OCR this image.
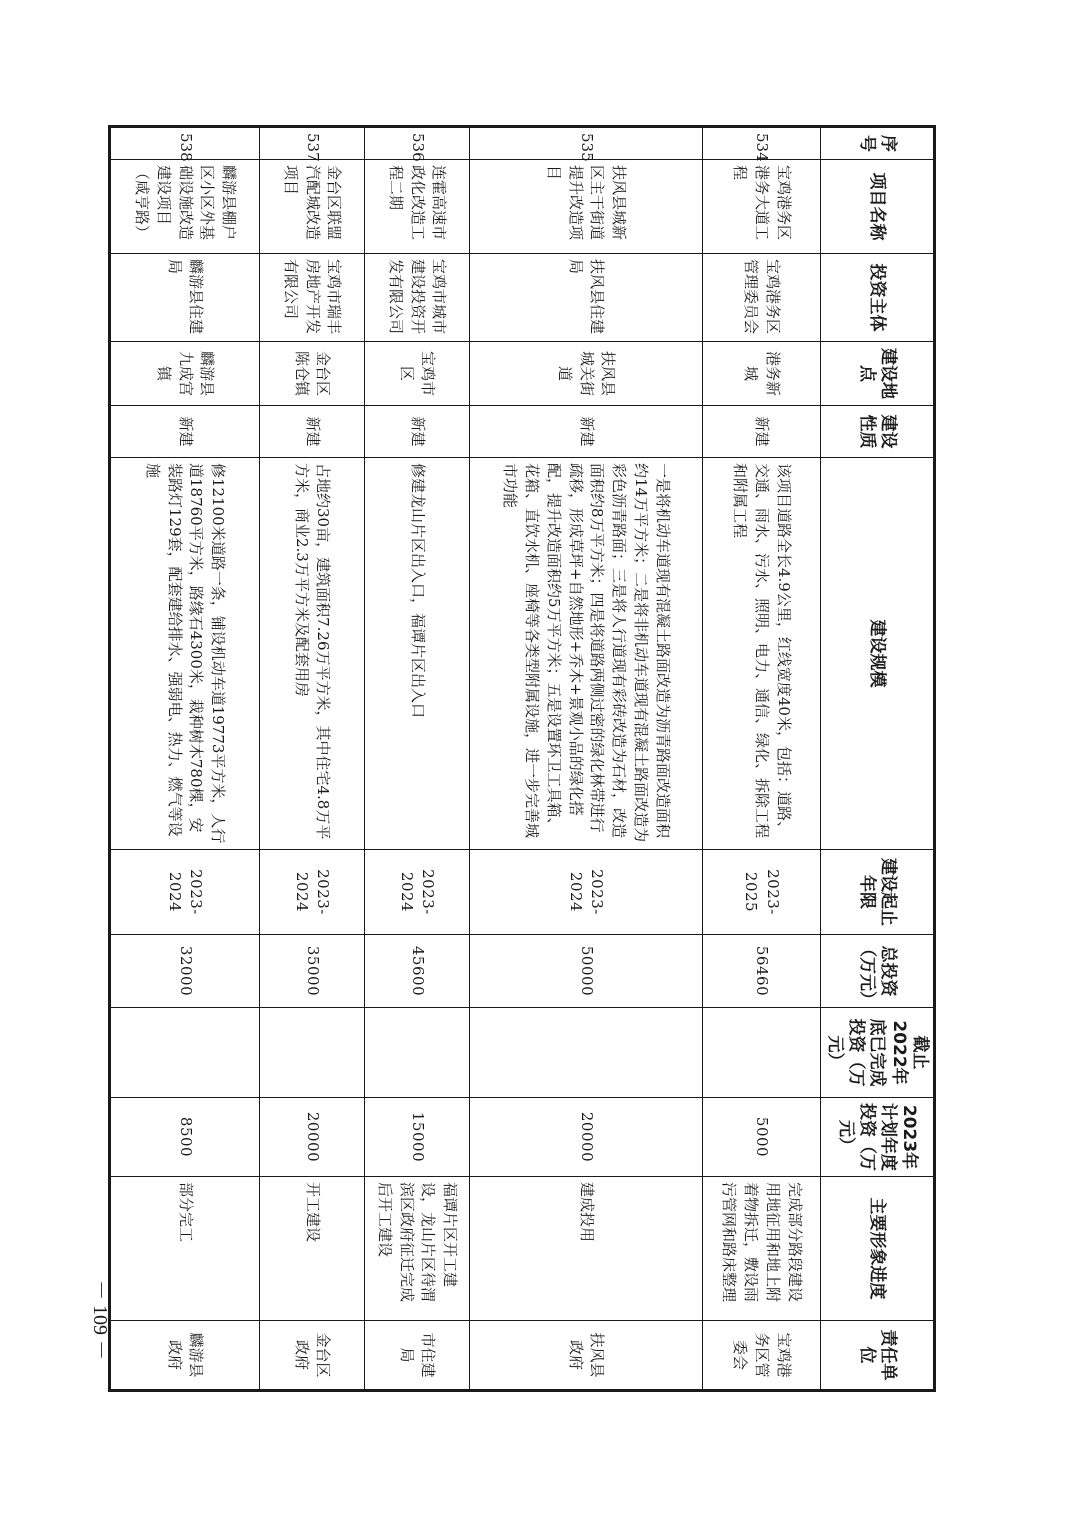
序号	项目名称	投资主体	建设地点	建设性质	建设规模	建设起止年限	总投资（万元）	截止2022年底已完成投资（万元）	2023年计划年度投资（万元）	主要形象进度	责任单位
534	宝鸡港务区港务大道工程	宝鸡港务区管理委员会	港务新城	新建	该项目道路全长4.9公里，红线宽度40米，包括：道路、交通、雨水、污水、照明、电力、通信、绿化、拆除工程和附属工程	2023-2025	56460		5000	完成部分路段建设用地征用和地上附着物拆迁，敷设雨污管网和路床整理	宝鸡港务区管委会
535	扶风县城新区主干街道提升改造项目	扶风县住建局	扶风县城关街道	新建	一是将机动车道现有混凝土路面改造为沥青路面改造面积约14万平方米；二是将非机动车道现有混凝土路面改造为彩色沥青路面；三是将人行道现有彩砖改造为石材，改造面积约8万平方米；四是将道路两侧过密的绿化林带进行疏移，形成草坪+自然地形+乔木+景观小品的绿化搭配，提升改造面积约5万平方米；五是设置环卫工具箱、花箱、直饮水机、座椅等各类型附属设施，进一步完善城市功能	2023-2024	50000		20000	建成投用	扶风县政府
536	连霍高速市政化改造工程二期	宝鸡市城市建设投资开发有限公司	宝鸡市区	新建	修建龙山片区出入口，福谭片区出入口	2023-2024	45600		15000	福谭片区开工建设，龙山片区待渭滨区政府征迁完成后开工建设	市住建局
537	金台区联盟汽配城改造项目	宝鸡市瑞丰房地产开发有限公司	金台区陈仓镇	新建	占地约30亩，建筑面积7.26万平方米，其中住宅4.8万平方米，商业2.3万平方米及配套用房	2023-2024	35000		20000	开工建设	金台区政府
538	麟游县棚户区小区外基础设施改造建设项目（咸亨路）	麟游县住建局	麟游县九成宫镇	新建	修12100米道路一条，铺设机动车道19773平方米，人行道18760平方米，路缘石4300米，栽种树木780棵，安装路灯129套，配套建给排水、强弱电、热力、燃气等设施	2023-2024	32000		8500	部分完工	麟游县政府
－ 109 －
